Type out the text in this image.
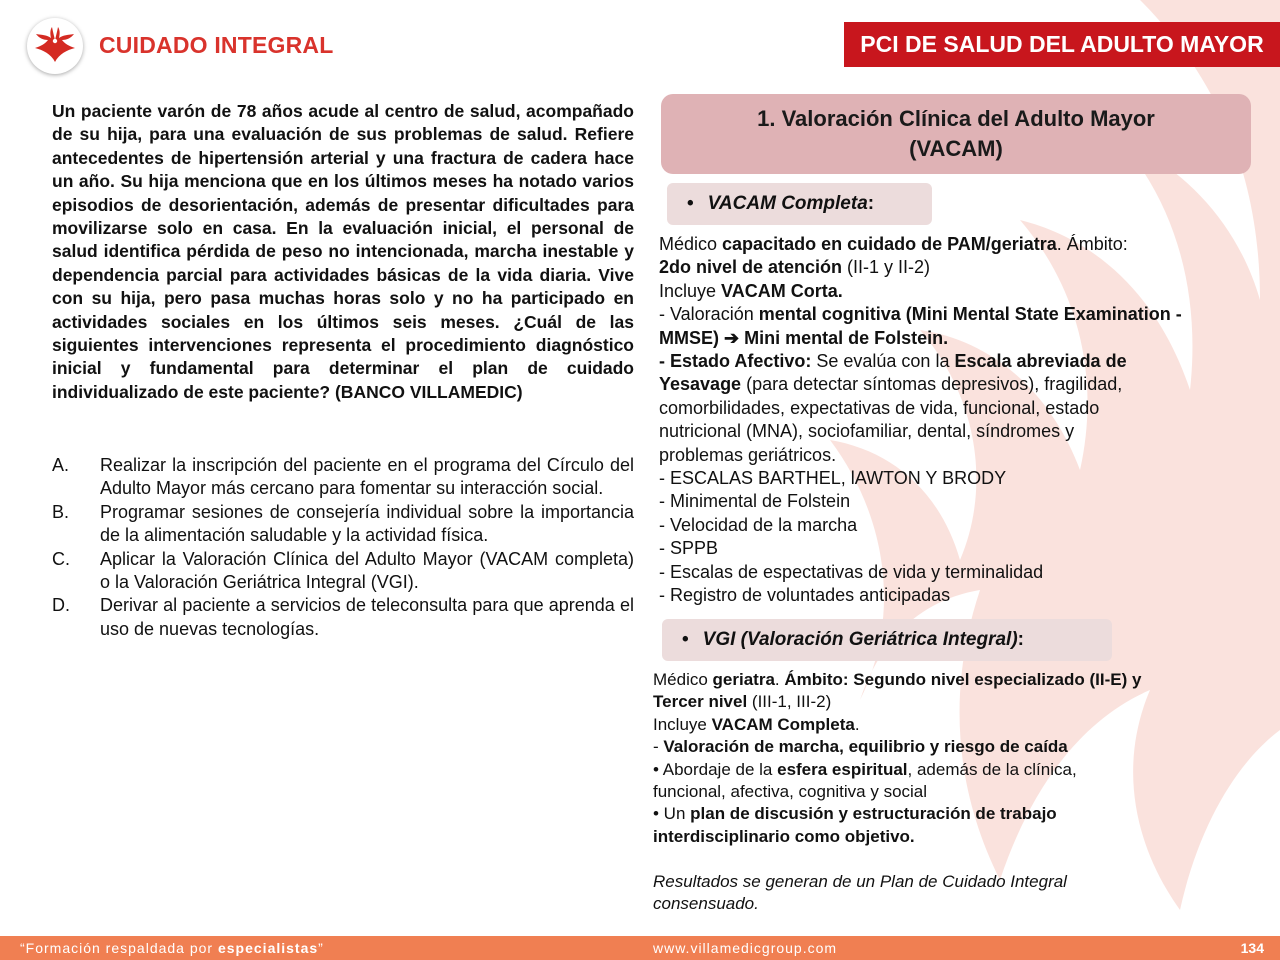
CUIDADO INTEGRAL	PCI DE SALUD DEL ADULTO MAYOR
Un paciente varón de 78 años acude al centro de salud, acompañado de su hija, para una evaluación de sus problemas de salud. Refiere antecedentes de hipertensión arterial y una fractura de cadera hace un año. Su hija menciona que en los últimos meses ha notado varios episodios de desorientación, además de presentar dificultades para movilizarse solo en casa. En la evaluación inicial, el personal de salud identifica pérdida de peso no intencionada, marcha inestable y dependencia parcial para actividades básicas de la vida diaria. Vive con su hija, pero pasa muchas horas solo y no ha participado en actividades sociales en los últimos seis meses. ¿Cuál de las siguientes intervenciones representa el procedimiento diagnóstico inicial y fundamental para determinar el plan de cuidado individualizado de este paciente? (BANCO VILLAMEDIC)
A.	Realizar la inscripción del paciente en el programa del Círculo del Adulto Mayor más cercano para fomentar su interacción social.
B.	Programar sesiones de consejería individual sobre la importancia de la alimentación saludable y la actividad física.
C.	Aplicar la Valoración Clínica del Adulto Mayor (VACAM completa) o la Valoración Geriátrica Integral (VGI).
D.	Derivar al paciente a servicios de teleconsulta para que aprenda el uso de nuevas tecnologías.
1. Valoración Clínica del Adulto Mayor
(VACAM)
• VACAM Completa :
Médico capacitado en cuidado de PAM/geriatra. Ámbito:
2do nivel de atención (II-1 y II-2)
Incluye VACAM Corta.
- Valoración mental cognitiva (Mini Mental State Examination -
MMSE) ➔ Mini mental de Folstein.
- Estado Afectivo: Se evalúa con la Escala abreviada de
Yesavage (para detectar síntomas depresivos), fragilidad,
comorbilidades, expectativas de vida, funcional, estado
nutricional (MNA), sociofamiliar, dental, síndromes y
problemas geriátricos.
- ESCALAS BARTHEL, lAWTON Y BRODY
- Minimental de Folstein
- Velocidad de la marcha
- SPPB
- Escalas de espectativas de vida y terminalidad
- Registro de voluntades anticipadas
• VGI (Valoración Geriátrica Integral) :
Médico geriatra. Ámbito: Segundo nivel especializado (II-E) y
Tercer nivel (III-1, III-2)
Incluye VACAM Completa.
- Valoración de marcha, equilibrio y riesgo de caída
• Abordaje de la esfera espiritual, además de la clínica,
funcional, afectiva, cognitiva y social
• Un plan de discusión y estructuración de trabajo
interdisciplinario como objetivo.
Resultados se generan de un Plan de Cuidado Integral
consensuado.
“Formación respaldada por especialistas”	www.villamedicgroup.com	134
